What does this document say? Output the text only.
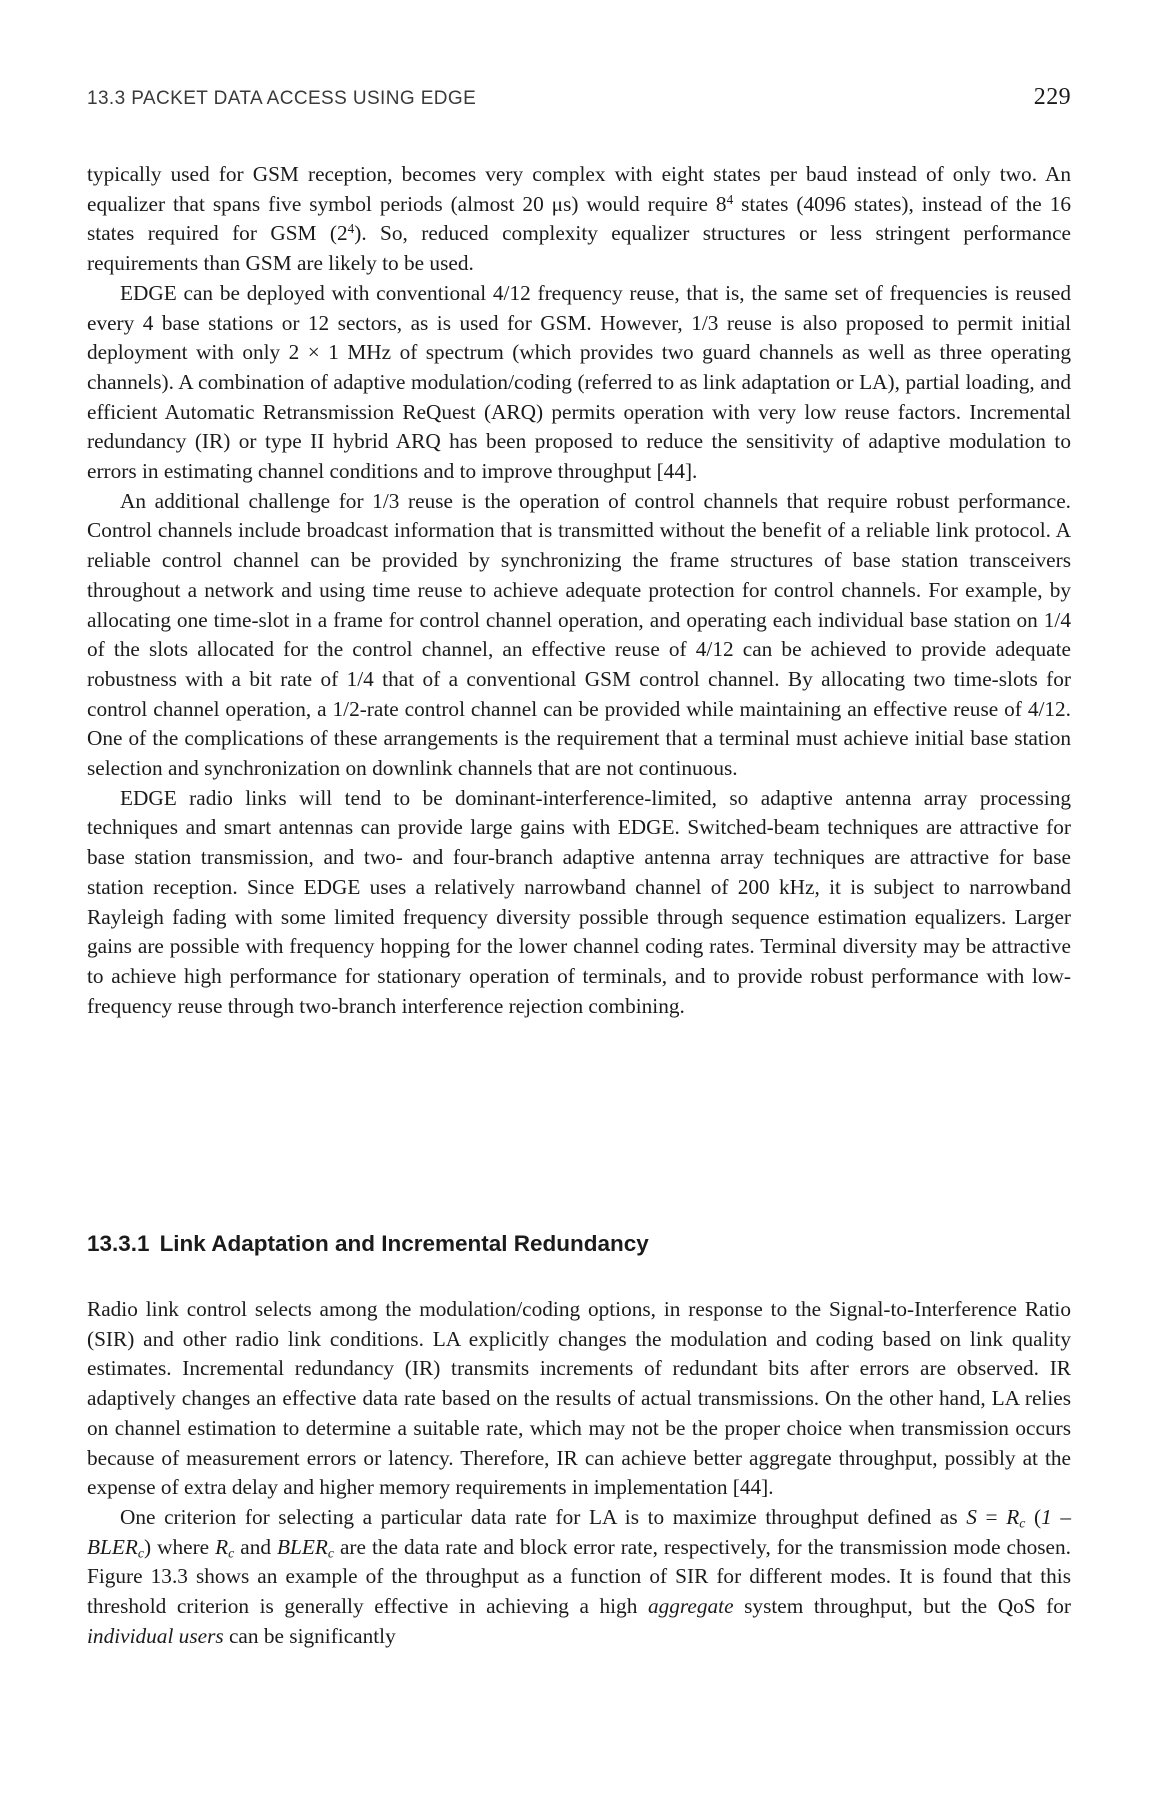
13.3 PACKET DATA ACCESS USING EDGE	229

typically used for GSM reception, becomes very complex with eight states per baud instead of only two. An equalizer that spans five symbol periods (almost 20 μs) would require $8^4$ states (4096 states), instead of the 16 states required for GSM $(2^4)$. So, reduced complexity equalizer structures or less stringent performance requirements than GSM are likely to be used.

EDGE can be deployed with conventional 4/12 frequency reuse, that is, the same set of frequencies is reused every 4 base stations or 12 sectors, as is used for GSM. However, 1/3 reuse is also proposed to permit initial deployment with only 2 × 1 MHz of spectrum (which provides two guard channels as well as three operating channels). A combination of adaptive modulation/coding (referred to as link adaptation or LA), partial loading, and efficient Automatic Retransmission ReQuest (ARQ) permits operation with very low reuse factors. Incremental redundancy (IR) or type II hybrid ARQ has been proposed to reduce the sensitivity of adaptive modulation to errors in estimating channel conditions and to improve throughput [44].

An additional challenge for 1/3 reuse is the operation of control channels that require robust performance. Control channels include broadcast information that is transmitted without the benefit of a reliable link protocol. A reliable control channel can be provided by synchronizing the frame structures of base station transceivers throughout a network and using time reuse to achieve adequate protection for control channels. For example, by allocating one time-slot in a frame for control channel operation, and operating each individual base station on 1/4 of the slots allocated for the control channel, an effective reuse of 4/12 can be achieved to provide adequate robustness with a bit rate of 1/4 that of a conventional GSM control channel. By allocating two time-slots for control channel operation, a 1/2-rate control channel can be provided while maintaining an effective reuse of 4/12. One of the complications of these arrangements is the requirement that a terminal must achieve initial base station selection and synchronization on downlink channels that are not continuous.

EDGE radio links will tend to be dominant-interference-limited, so adaptive antenna array processing techniques and smart antennas can provide large gains with EDGE. Switched-beam techniques are attractive for base station transmission, and two- and four-branch adaptive antenna array techniques are attractive for base station reception. Since EDGE uses a relatively narrowband channel of 200 kHz, it is subject to narrowband Rayleigh fading with some limited frequency diversity possible through sequence estimation equalizers. Larger gains are possible with frequency hopping for the lower channel coding rates. Terminal diversity may be attractive to achieve high performance for stationary operation of terminals, and to provide robust performance with low-frequency reuse through two-branch interference rejection combining.

13.3.1 Link Adaptation and Incremental Redundancy

Radio link control selects among the modulation/coding options, in response to the Signal-to-Interference Ratio (SIR) and other radio link conditions. LA explicitly changes the modulation and coding based on link quality estimates. Incremental redundancy (IR) transmits increments of redundant bits after errors are observed. IR adaptively changes an effective data rate based on the results of actual transmissions. On the other hand, LA relies on channel estimation to determine a suitable rate, which may not be the proper choice when transmission occurs because of measurement errors or latency. Therefore, IR can achieve better aggregate throughput, possibly at the expense of extra delay and higher memory requirements in implementation [44].

One criterion for selecting a particular data rate for LA is to maximize throughput defined as $S = R_c$ $(1 - BLER_c)$ where $R_c$ and $BLER_c$ are the data rate and block error rate, respectively, for the transmission mode chosen. Figure 13.3 shows an example of the throughput as a function of SIR for different modes. It is found that this threshold criterion is generally effective in achieving a high aggregate system throughput, but the QoS for individual users can be significantly
